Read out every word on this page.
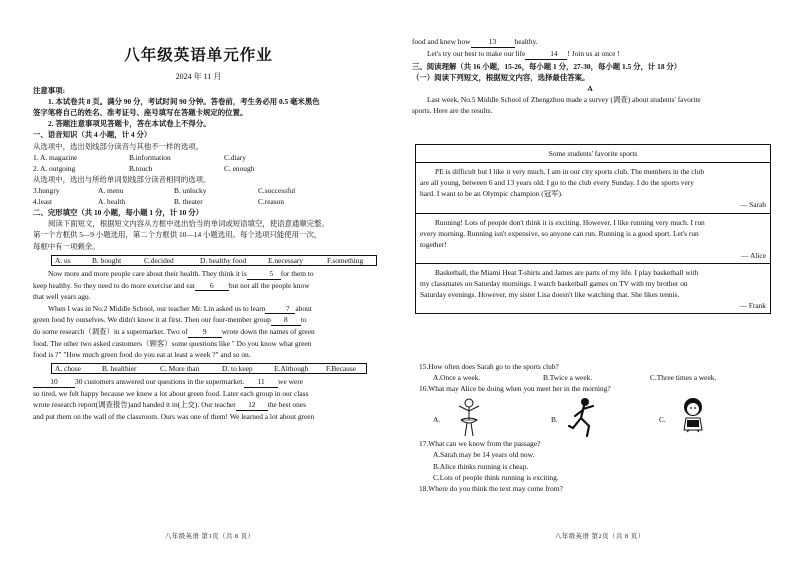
八年级英语单元作业
2024 年 11 月
注意事项:
1. 本试卷共 8 页。满分 90 分，考试时间 90 分钟。答卷前，考生务必用 0.5 毫米黑色
签字笔将自己的姓名、准考证号、座号填写在答题卡规定的位置。
2. 答题注意事项见答题卡，答在本试卷上不得分。
一、语音知识（共 4 小题，计 4 分）
从选项中，选出划线部分读音与其他不一样的选项。
1. A. magazine	B.information	C.diary
2. A. outgoing	B.touch	C. enough
从选项中，选出与所给单词划线部分读音相同的选项。
3.hungry	A. menu	B. unlucky	C.successful
4.least	A. health	B. theater	C.reason
二、完形填空（共 10 小题，每小题 1 分，计 10 分）
阅读下面短文，根据短文内容从方框中选出恰当的单词或短语填空，使语意通顺完整。
第一个方框供 5—9 小题选用，第二个方框供 10—14 小题选用。每个选项只能使用一次，
每框中有一项剩余。
A. us	B. bought	C.decided	D. healthy food	E.necessary	F.something
Now more and more people care about their health. They think it is	5 for them to
keep healthy. So they need to do more exercise and eat 6 but not all the people know
that well years ago.
When I was in No.2 Middle School, our teacher Mr. Lin asked us to learn	7 about
green food by ourselves. We didn't know it at first. Then our four-member group 8 to
do some research（调查）in a supermarket. Two of 9 wrote down the names of green
food. The other two asked customers（顾客）some questions like " Do you know what green
food is ?" "How much green food do you eat at least a week ?" and so on.
A. chose	B. healthier	C. More than	D. to keep	E.Although	F.Because
10 30 customers answered our questions in the supermarket. 11 we were
so tired, we felt happy because we knew a lot about green food. Later each group in our class
wrote research report(调查报告)and handed it in(上交). Our teacher 12 the best ones
and put them on the wall of the classroom. Ours was one of them! We learned a lot about green
八年级英语 第1页（共 8 页）
food and knew how 13 healthy.
Let's try our best to make our life	14 ! Join us at once !
三、阅读理解（共 16 小题，15-26，每小题 1 分，27-30，每小题 1.5 分，计 18 分）
（一）阅读下列短文，根据短文内容，选择最佳答案。
A
Last week, No.5 Middle School of Zhengzhou made a survey (调查) about students' favorite
sports. Here are the results.
Some students' favorite sports
PE is difficult but I like it very much. I am in our city sports club. The members in the club
are all young, between 6 and 13 years old. I go to the club every Sunday. I do the sports very
hard. I want to be an Olympic champion (冠军).
— Sarah
Running! Lots of people don't think it is exciting. However, I like running very much. I run
every morning. Running isn't expensive, so anyone can run. Running is a good sport. Let's run
together!
— Alice
Basketball, the Miami Heat T-shirts and James are parts of my life. I play basketball with
my classmates on Saturday mornings. I watch basketball games on TV with my brother on
Saturday evenings. However, my sister Lisa doesn't like watching that. She likes tennis.
— Frank
15.How often does Sarah go to the sports club?
A.Once a week.	B.Twice a week.	C.Three times a week.
16.What may Alice be doing when you meet her in the morning?
A.	B.	C.
17.What can we know from the passage?
A.Sarah may be 14 years old now.
B.Alice thinks running is cheap.
C.Lots of people think running is exciting.
18.Where do you think the text may come from?
八年级英语 第2页（共 8 页）
